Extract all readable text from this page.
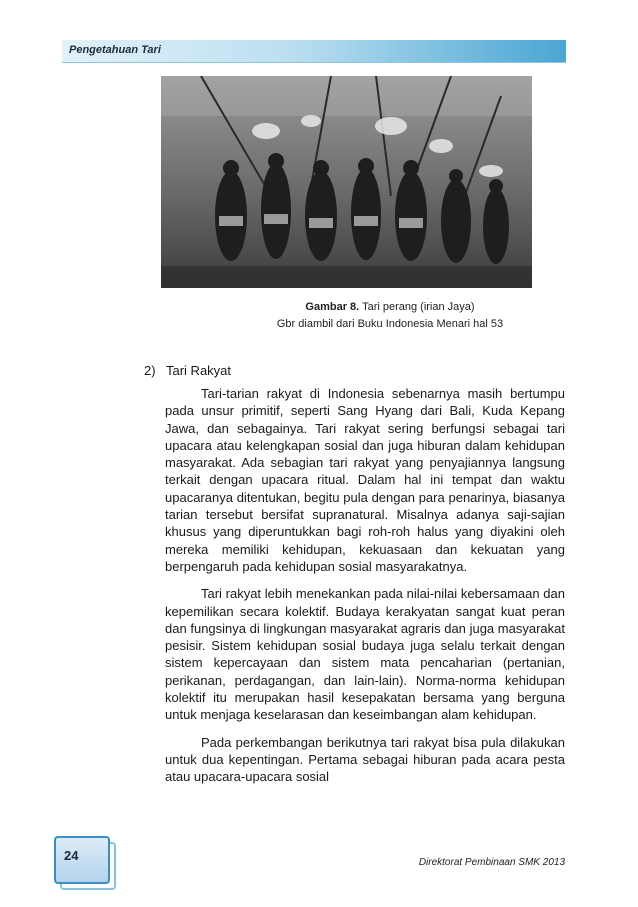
Pengetahuan Tari
Gambar 8. Tari perang (irian Jaya)
Gbr diambil dari Buku Indonesia Menari hal 53
2) Tari Rakyat

Tari-tarian rakyat di Indonesia sebenarnya masih bertumpu pada unsur primitif, seperti Sang Hyang dari Bali, Kuda Kepang Jawa, dan sebagainya. Tari rakyat sering berfungsi sebagai tari upacara atau kelengkapan sosial dan juga hiburan dalam kehidupan masyarakat. Ada sebagian tari rakyat yang penyajiannya langsung terkait dengan upacara ritual. Dalam hal ini tempat dan waktu upacaranya ditentukan, begitu pula dengan para penarinya, biasanya tarian tersebut bersifat supranatural. Misalnya adanya saji-sajian khusus yang diperuntukkan bagi roh-roh halus yang diyakini oleh mereka memiliki kehidupan, kekuasaan dan kekuatan yang berpengaruh pada kehidupan sosial masyarakatnya.

Tari rakyat lebih menekankan pada nilai-nilai kebersamaan dan kepemilikan secara kolektif. Budaya kerakyatan sangat kuat peran dan fungsinya di lingkungan masyarakat agraris dan juga masyarakat pesisir. Sistem kehidupan sosial budaya juga selalu terkait dengan sistem kepercayaan dan sistem mata pencaharian (pertanian, perikanan, perdagangan, dan lain-lain). Norma-norma kehidupan kolektif itu merupakan hasil kesepakatan bersama yang berguna untuk menjaga keselarasan dan keseimbangan alam kehidupan.

Pada perkembangan berikutnya tari rakyat bisa pula dilakukan untuk dua kepentingan. Pertama sebagai hiburan pada acara pesta atau upacara-upacara sosial

24	Direktorat Pembinaan SMK 2013
